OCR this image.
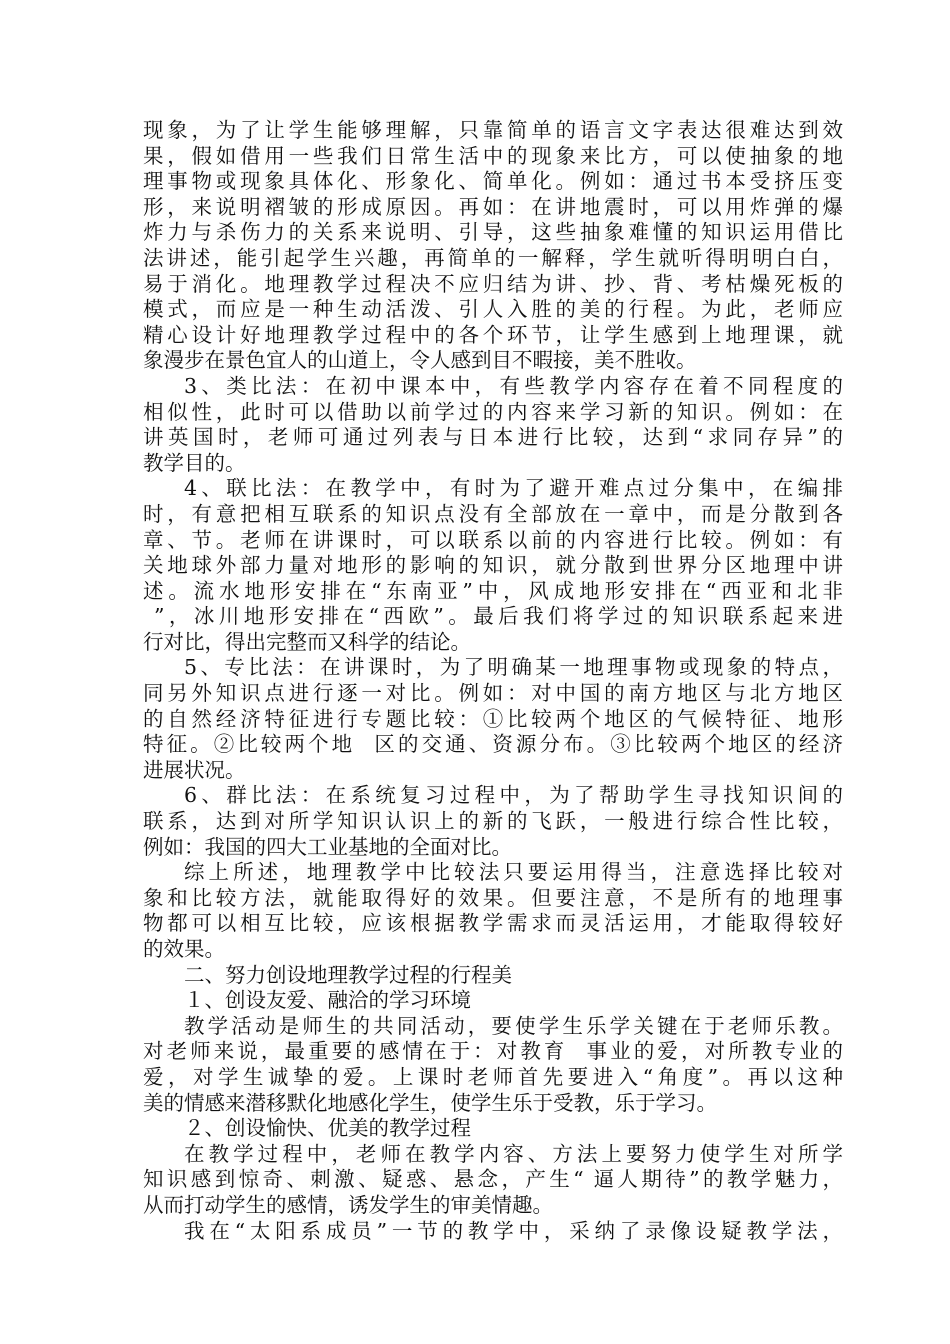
现象，为了让学生能够理解，只靠简单的语言文字表达很难达到效
果，假如借用一些我们日常生活中的现象来比方，可以使抽象的地
理事物或现象具体化、形象化、简单化。例如：通过书本受挤压变
形，来说明褶皱的形成原因。再如：在讲地震时，可以用炸弹的爆
炸力与杀伤力的关系来说明、引导，这些抽象难懂的知识运用借比
法讲述，能引起学生兴趣，再简单的一解释，学生就听得明明白白，
易于消化。地理教学过程决不应归结为讲、抄、背、考枯燥死板的
模式，而应是一种生动活泼、引人入胜的美的行程。为此，老师应
精心设计好地理教学过程中的各个环节，让学生感到上地理课，就
象漫步在景色宜人的山道上，令人感到目不暇接，美不胜收。
3、类比法：在初中课本中，有些教学内容存在着不同程度的
相似性，此时可以借助以前学过的内容来学习新的知识。例如：在
讲英国时，老师可通过列表与日本进行比较，达到“求同存异”的
教学目的。
4、联比法：在教学中，有时为了避开难点过分集中，在编排
时，有意把相互联系的知识点没有全部放在一章中，而是分散到各
章、节。老师在讲课时，可以联系以前的内容进行比较。例如：有
关地球外部力量对地形的影响的知识，就分散到世界分区地理中讲
述。流水地形安排在“东南亚”中，风成地形安排在“西亚和北非
”，冰川地形安排在“西欧”。最后我们将学过的知识联系起来进
行对比，得出完整而又科学的结论。
5、专比法：在讲课时，为了明确某一地理事物或现象的特点，
同另外知识点进行逐一对比。例如：对中国的南方地区与北方地区
的自然经济特征进行专题比较：①比较两个地区的气候特征、地形
特征。②比较两个地  区的交通、资源分布。③比较两个地区的经济
进展状况。
6、群比法：在系统复习过程中，为了帮助学生寻找知识间的
联系，达到对所学知识认识上的新的飞跃，一般进行综合性比较，
例如：我国的四大工业基地的全面对比。
综上所述，地理教学中比较法只要运用得当，注意选择比较对
象和比较方法，就能取得好的效果。但要注意，不是所有的地理事
物都可以相互比较，应该根据教学需求而灵活运用，才能取得较好
的效果。
二、努力创设地理教学过程的行程美
１、创设友爱、融洽的学习环境
教学活动是师生的共同活动，要使学生乐学关键在于老师乐教。
对老师来说，最重要的感情在于：对教育  事业的爱，对所教专业的
爱，对学生诚挚的爱。上课时老师首先要进入“角度”。再以这种
美的情感来潜移默化地感化学生，使学生乐于受教，乐于学习。
２、创设愉快、优美的教学过程
在教学过程中，老师在教学内容、方法上要努力使学生对所学
知识感到惊奇、刺激、疑惑、悬念，产生“ 逼人期待”的教学魅力，
从而打动学生的感情，诱发学生的审美情趣。
我在“太阳系成员”一节的教学中，采纳了录像设疑教学法，
